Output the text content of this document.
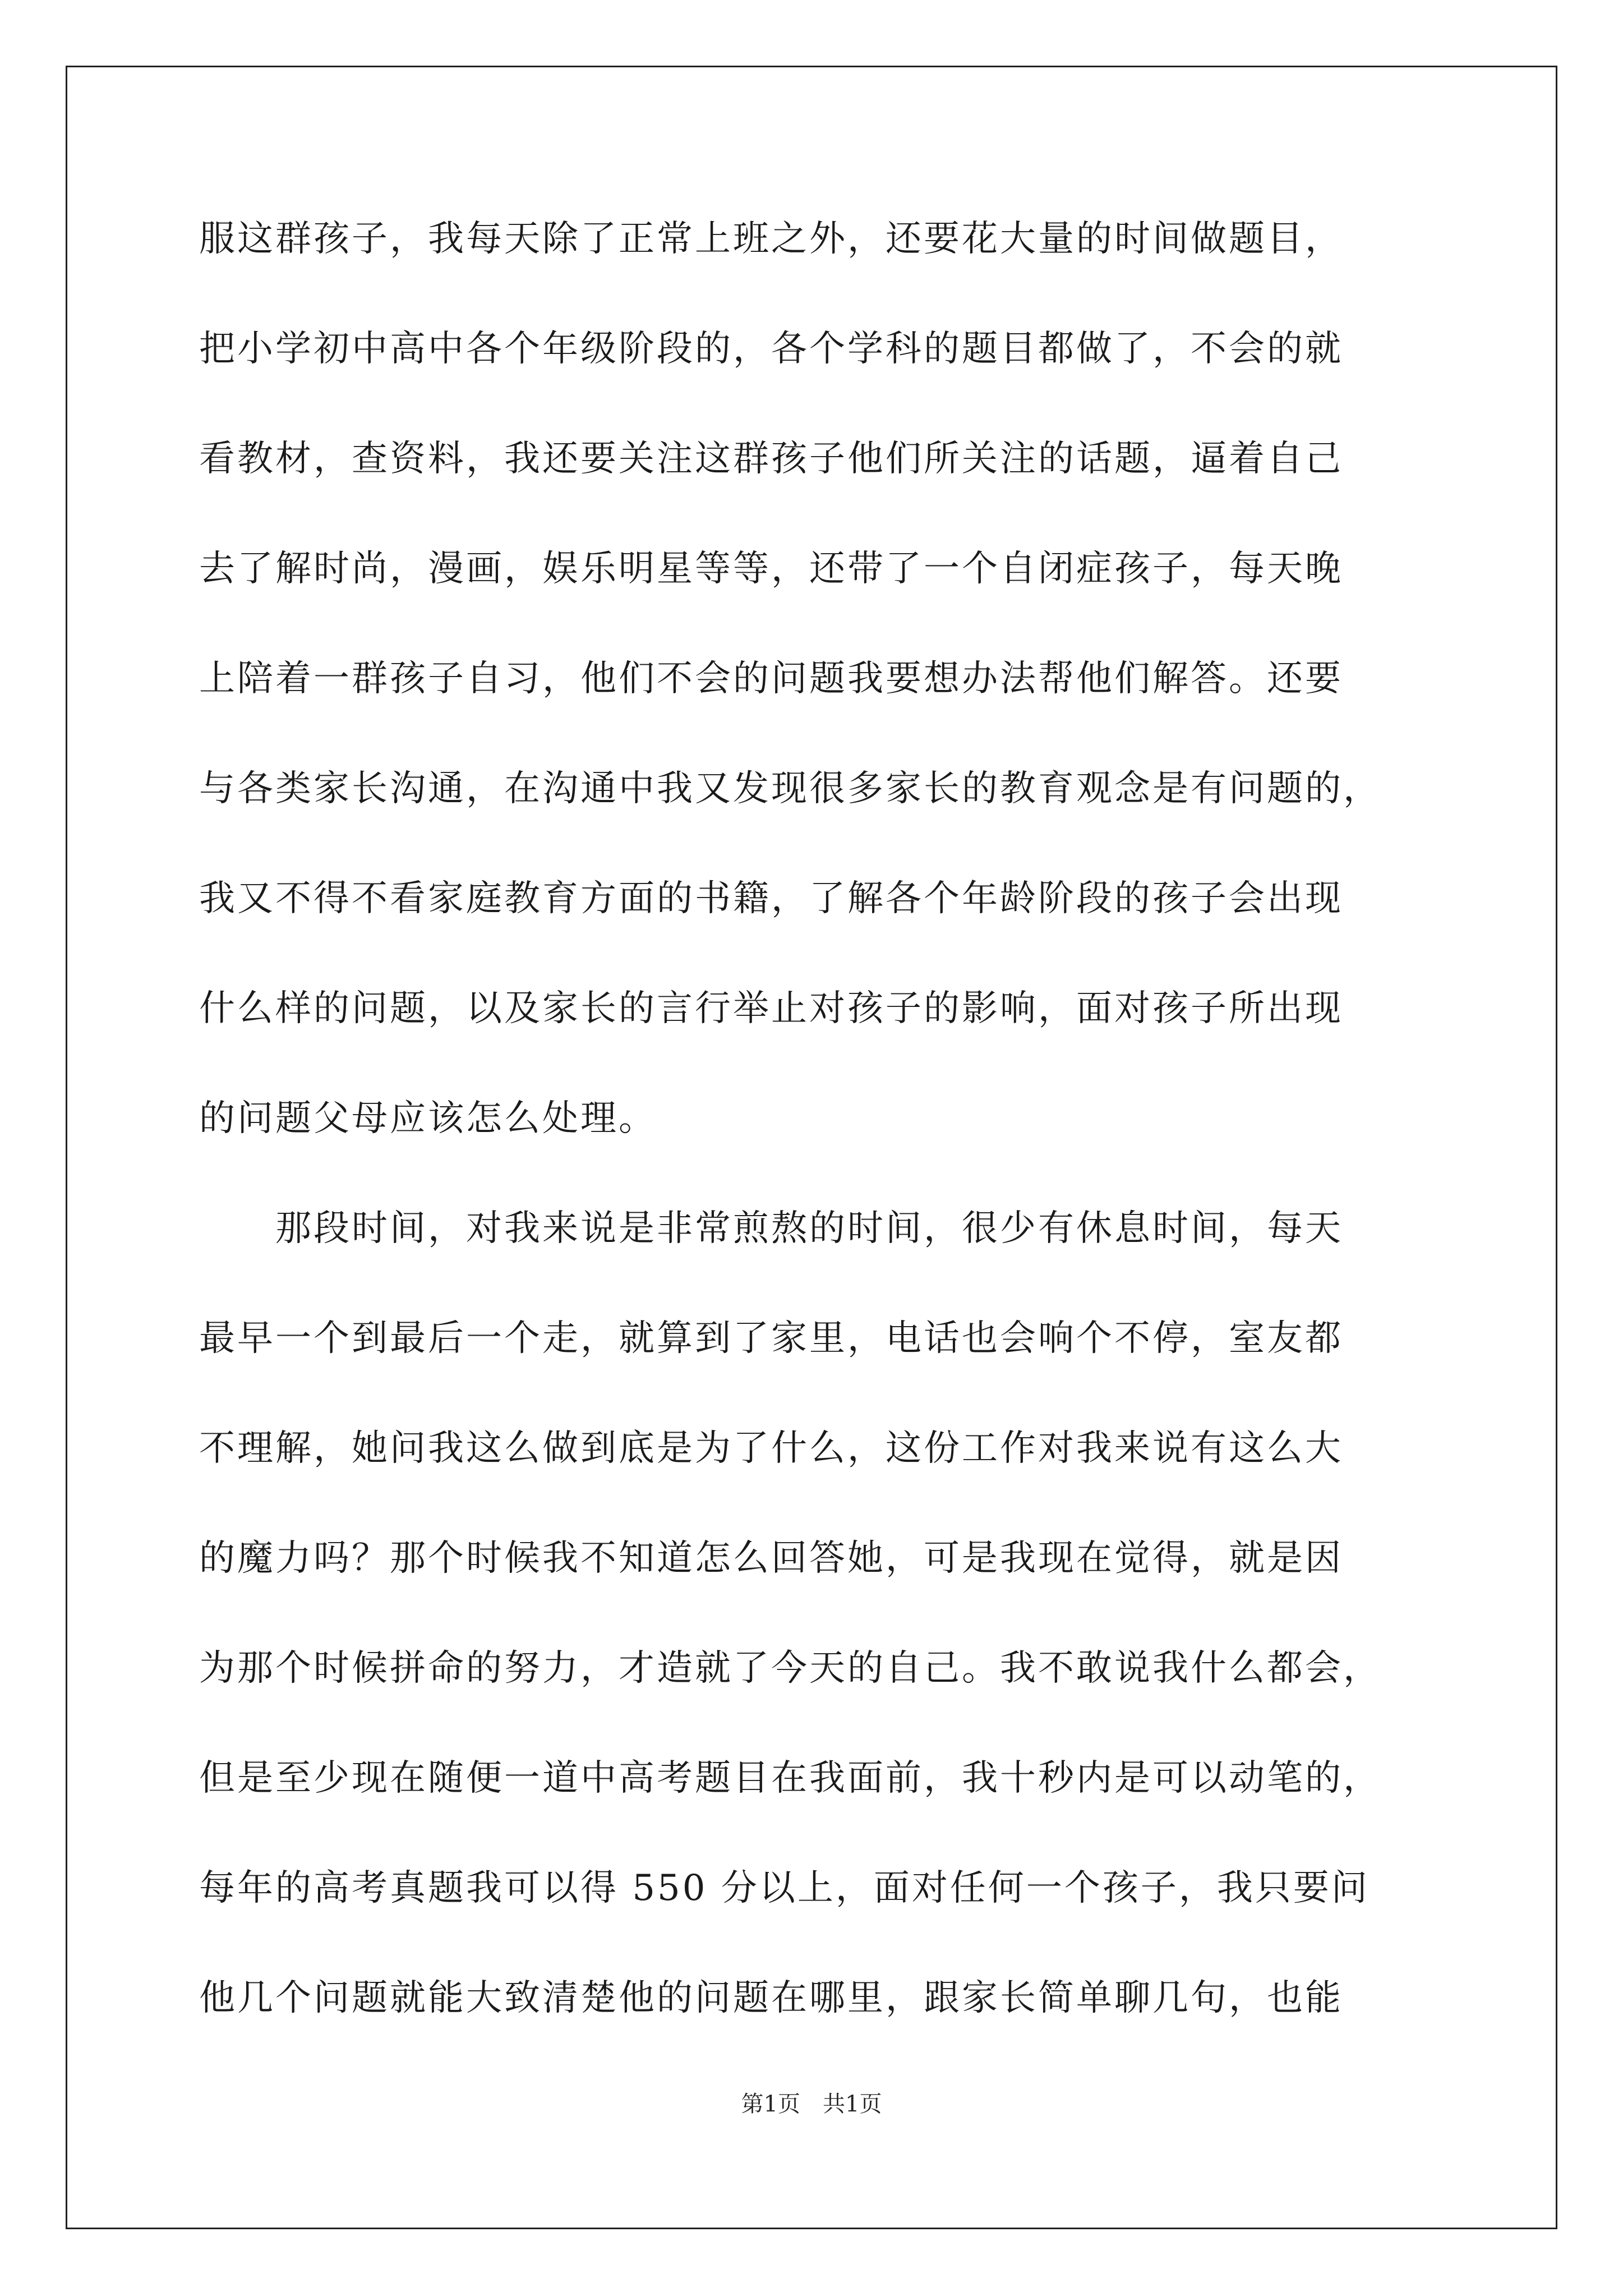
服这群孩子，我每天除了正常上班之外，还要花大量的时间做题目，
把小学初中高中各个年级阶段的，各个学科的题目都做了，不会的就
看教材，查资料，我还要关注这群孩子他们所关注的话题，逼着自己
去了解时尚，漫画，娱乐明星等等，还带了一个自闭症孩子，每天晚
上陪着一群孩子自习，他们不会的问题我要想办法帮他们解答。还要
与各类家长沟通，在沟通中我又发现很多家长的教育观念是有问题的，
我又不得不看家庭教育方面的书籍，了解各个年龄阶段的孩子会出现
什么样的问题，以及家长的言行举止对孩子的影响，面对孩子所出现
的问题父母应该怎么处理。
　　那段时间，对我来说是非常煎熬的时间，很少有休息时间，每天
最早一个到最后一个走，就算到了家里，电话也会响个不停，室友都
不理解，她问我这么做到底是为了什么，这份工作对我来说有这么大
的魔力吗？那个时候我不知道怎么回答她，可是我现在觉得，就是因
为那个时候拼命的努力，才造就了今天的自己。我不敢说我什么都会，
但是至少现在随便一道中高考题目在我面前，我十秒内是可以动笔的，
每年的高考真题我可以得 550 分以上，面对任何一个孩子，我只要问
他几个问题就能大致清楚他的问题在哪里，跟家长简单聊几句，也能
第1页　共1页
